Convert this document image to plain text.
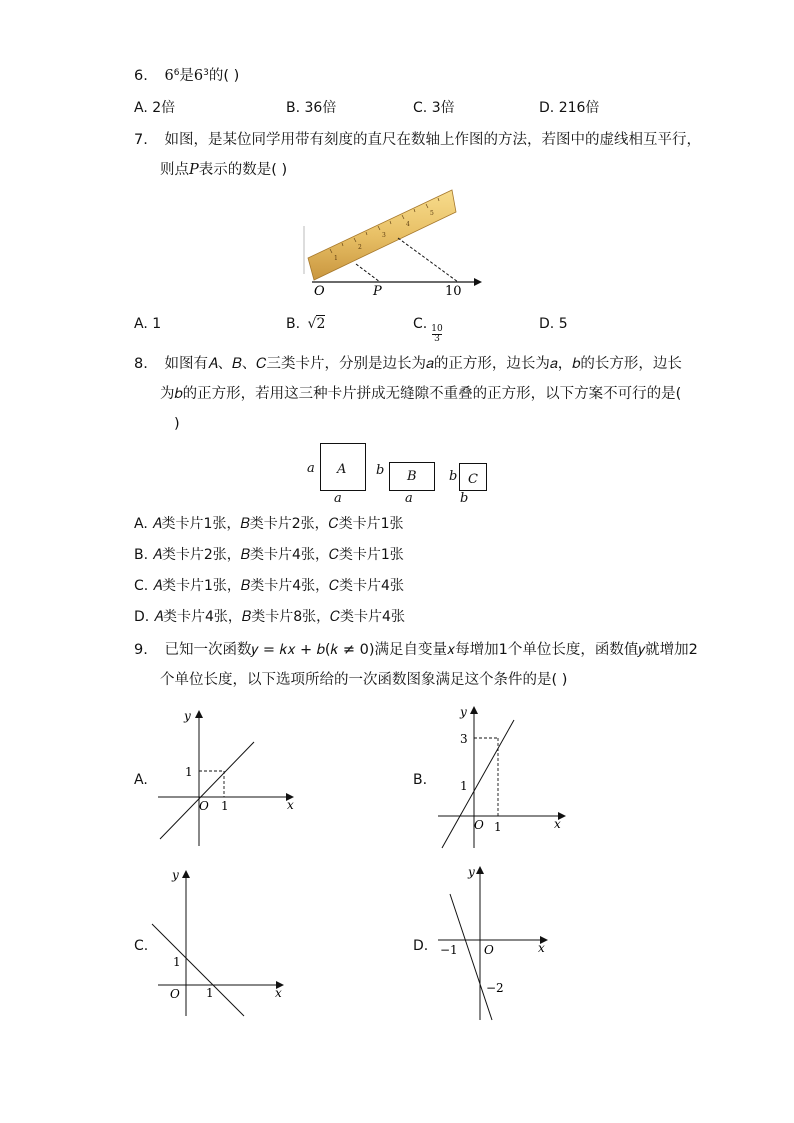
6. $6^6$是$6^3$的( )
A. 2倍	B. 36倍	C. 3倍	D. 216倍
7. 如图，是某位同学用带有刻度的直尺在数轴上作图的方法，若图中的虚线相互平行，
则点P表示的数是( )
1
2
3
4
5
O	P	10
A. 1	B. √2	C.
$\frac{10}{3}$
D. 5
8. 如图有𝐴、𝐵、𝐶三类卡片，分别是边长为𝑎的正方形，边长为𝑎，𝑏的长方形，边长
为𝑏的正方形，若用这三种卡片拼成无缝隙不重叠的正方形，以下方案不可行的是(
)
a A
a
b B
a
b C
b
A. 𝐴类卡片1张，𝐵类卡片2张，𝐶类卡片1张
B. 𝐴类卡片2张，𝐵类卡片4张，𝐶类卡片1张
C. 𝐴类卡片1张，𝐵类卡片4张，𝐶类卡片4张
D. 𝐴类卡片4张，𝐵类卡片8张，𝐶类卡片4张
9. 已知一次函数𝑦 = 𝑘𝑥 + 𝑏(𝑘 ≠ 0)满足自变量𝑥每增加1个单位长度，函数值𝑦就增加2
个单位长度，以下选项所给的一次函数图象满足这个条件的是( )
A.
x
y
O 1
1	B.
x
y
O 1
3
1
C.
x
y
O 1
1
D.	x
y
O
−1
−2
